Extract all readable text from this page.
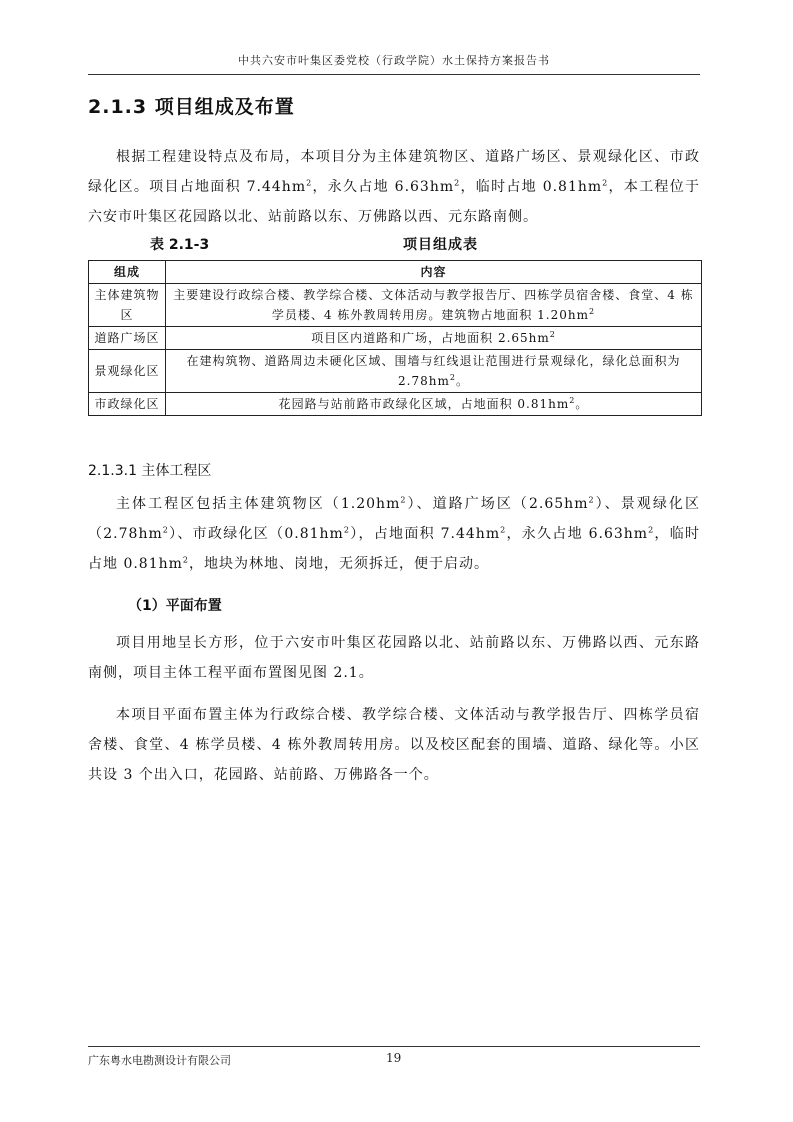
中共六安市叶集区委党校（行政学院）水土保持方案报告书
2.1.3 项目组成及布置
根据工程建设特点及布局，本项目分为主体建筑物区、道路广场区、景观绿化区、市政绿化区。项目占地面积 $7.44hm^2$，永久占地 $6.63hm^2$，临时占地 $0.81hm^2$，本工程位于六安市叶集区花园路以北、站前路以东、万佛路以西、元东路南侧。
表 2.1-3	项目组成表
组成	内容
主体建筑物区	主要建设行政综合楼、教学综合楼、文体活动与教学报告厅、四栋学员宿舍楼、食堂、4 栋学员楼、4 栋外教周转用房。建筑物占地面积 $1.20hm^2$
道路广场区	项目区内道路和广场，占地面积 $2.65hm^2$
景观绿化区	在建构筑物、道路周边未硬化区域、围墙与红线退让范围进行景观绿化，绿化总面积为 $2.78hm^2$。
市政绿化区	花园路与站前路市政绿化区域，占地面积 $0.81hm^2$。
2.1.3.1 主体工程区
主体工程区包括主体建筑物区$(1.20hm^2)$、道路广场区$(2.65hm^2)$、景观绿化区$(2.78hm^2)$、市政绿化区$(0.81hm^2)$，占地面积 $7.44hm^2$，永久占地 $6.63hm^2$，临时占地 $0.81hm^2$，地块为林地、岗地，无须拆迁，便于启动。
（1）平面布置
项目用地呈长方形，位于六安市叶集区花园路以北、站前路以东、万佛路以西、元东路南侧，项目主体工程平面布置图见图 2.1。
本项目平面布置主体为行政综合楼、教学综合楼、文体活动与教学报告厅、四栋学员宿舍楼、食堂、4 栋学员楼、4 栋外教周转用房。以及校区配套的围墙、道路、绿化等。小区共设 3 个出入口，花园路、站前路、万佛路各一个。
广东粤水电勘测设计有限公司	19
